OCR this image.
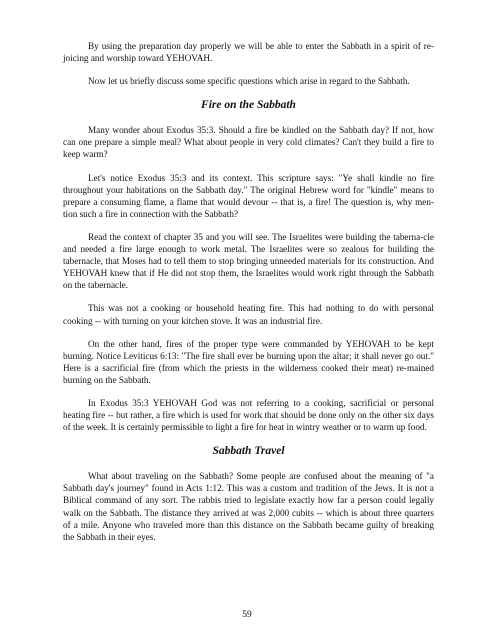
By using the preparation day properly we will be able to enter the Sabbath in a spirit of re-joicing and worship toward YEHOVAH.

Now let us briefly discuss some specific questions which arise in regard to the Sabbath.

Fire on the Sabbath

Many wonder about Exodus 35:3. Should a fire be kindled on the Sabbath day? If not, how can one prepare a simple meal? What about people in very cold climates? Can't they build a fire to keep warm?

Let's notice Exodus 35:3 and its context. This scripture says: "Ye shall kindle no fire throughout your habitations on the Sabbath day." The original Hebrew word for "kindle" means to prepare a consuming flame, a flame that would devour -- that is, a fire! The question is, why men-tion such a fire in connection with the Sabbath?

Read the context of chapter 35 and you will see. The Israelites were building the taberna-cle and needed a fire large enough to work metal. The Israelites were so zealous for building the tabernacle, that Moses had to tell them to stop bringing unneeded materials for its construction. And YEHOVAH knew that if He did not stop them, the Israelites would work right through the Sabbath on the tabernacle.

This was not a cooking or household heating fire. This had nothing to do with personal cooking -- with turning on your kitchen stove. It was an industrial fire.

On the other hand, fires of the proper type were commanded by YEHOVAH to be kept burning. Notice Leviticus 6:13: "The fire shall ever be burning upon the altar; it shall never go out." Here is a sacrificial fire (from which the priests in the wilderness cooked their meat) re-mained burning on the Sabbath.

In Exodus 35:3 YEHOVAH God was not referring to a cooking, sacrificial or personal heating fire -- but rather, a fire which is used for work that should be done only on the other six days of the week. It is certainly permissible to light a fire for heat in wintry weather or to warm up food.

Sabbath Travel

What about traveling on the Sabbath? Some people are confused about the meaning of "a Sabbath day's journey" found in Acts 1:12. This was a custom and tradition of the Jews. It is not a Biblical command of any sort. The rabbis tried to legislate exactly how far a person could legally walk on the Sabbath. The distance they arrived at was 2,000 cubits -- which is about three quarters of a mile. Anyone who traveled more than this distance on the Sabbath became guilty of breaking the Sabbath in their eyes.

59
